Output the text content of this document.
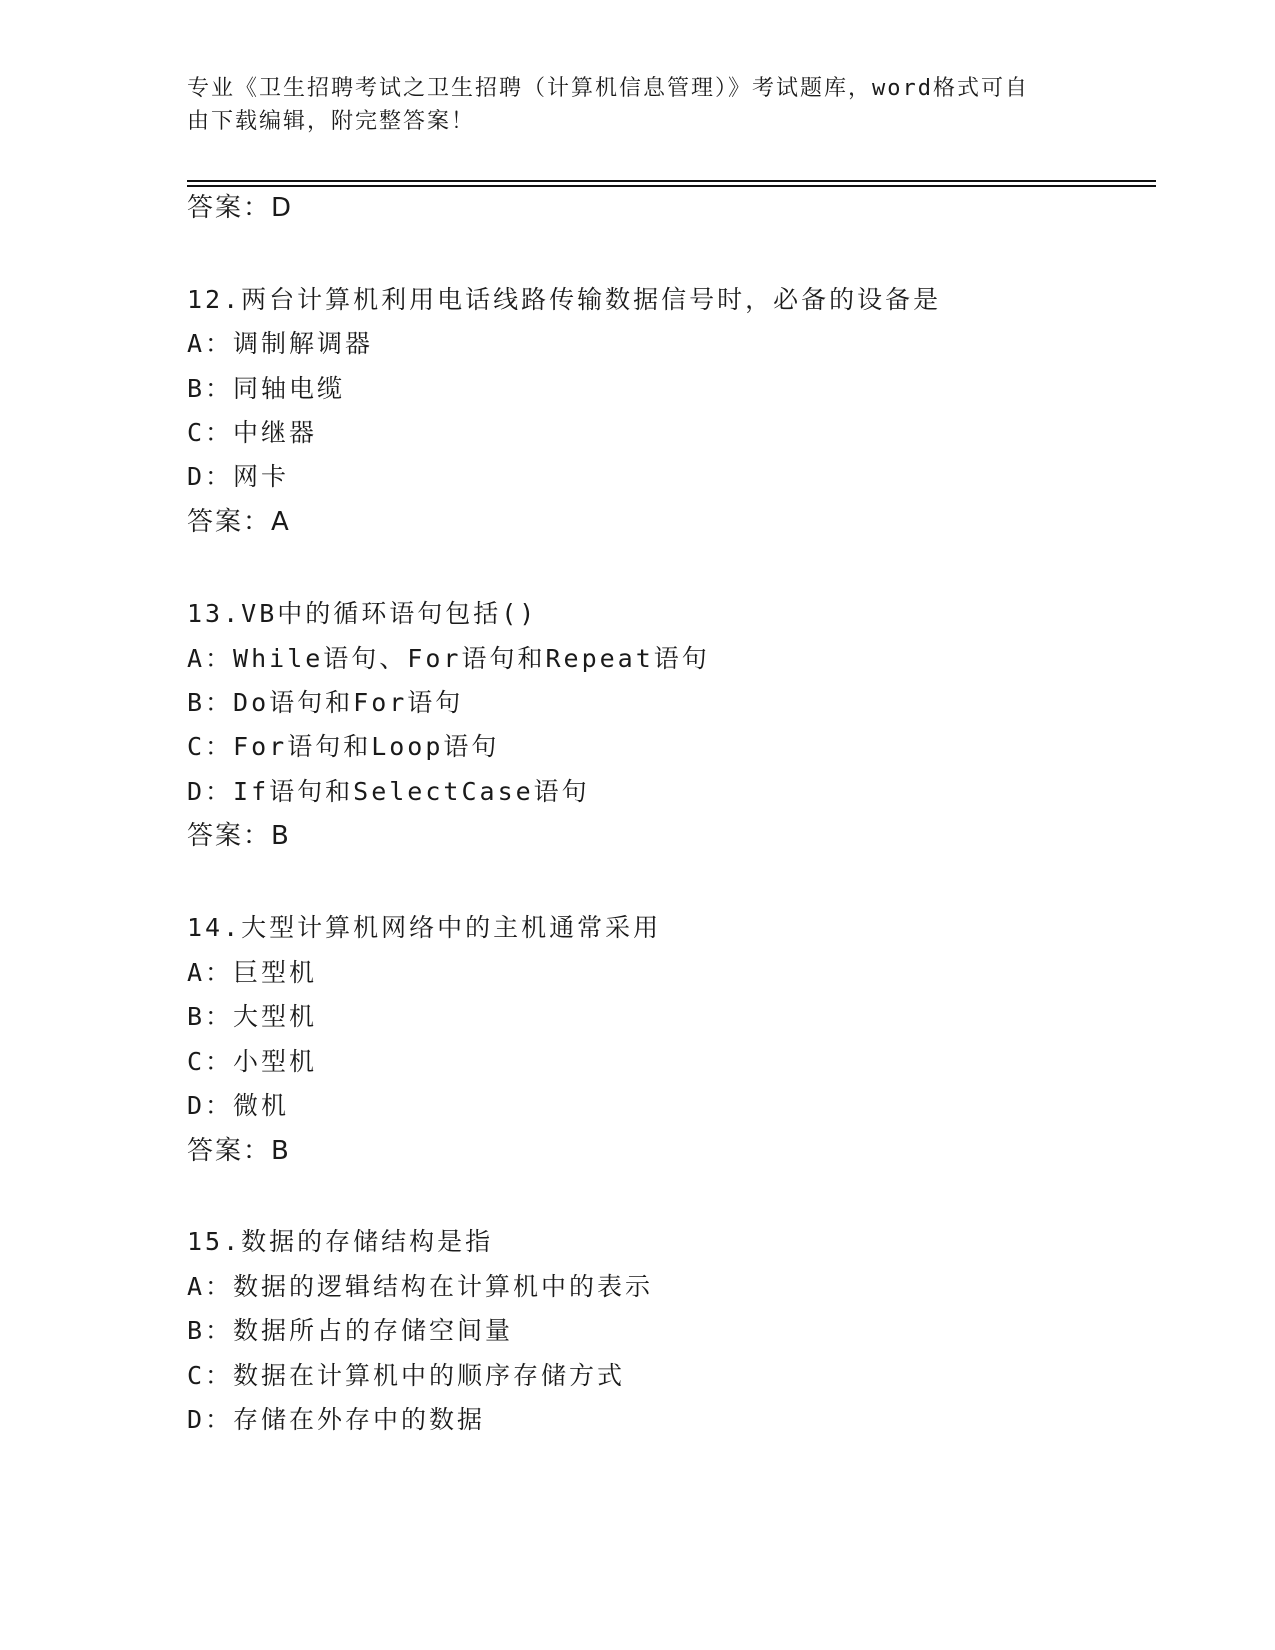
专业《卫生招聘考试之卫生招聘（计算机信息管理）》考试题库，word格式可自
由下载编辑，附完整答案！
答案：D
12.两台计算机利用电话线路传输数据信号时，必备的设备是
A：调制解调器
B：同轴电缆
C：中继器
D：网卡
答案：A
13.VB中的循环语句包括()
A：While语句、For语句和Repeat语句
B：Do语句和For语句
C：For语句和Loop语句
D：If语句和SelectCase语句
答案：B
14.大型计算机网络中的主机通常采用
A：巨型机
B：大型机
C：小型机
D：微机
答案：B
15.数据的存储结构是指
A：数据的逻辑结构在计算机中的表示
B：数据所占的存储空间量
C：数据在计算机中的顺序存储方式
D：存储在外存中的数据
